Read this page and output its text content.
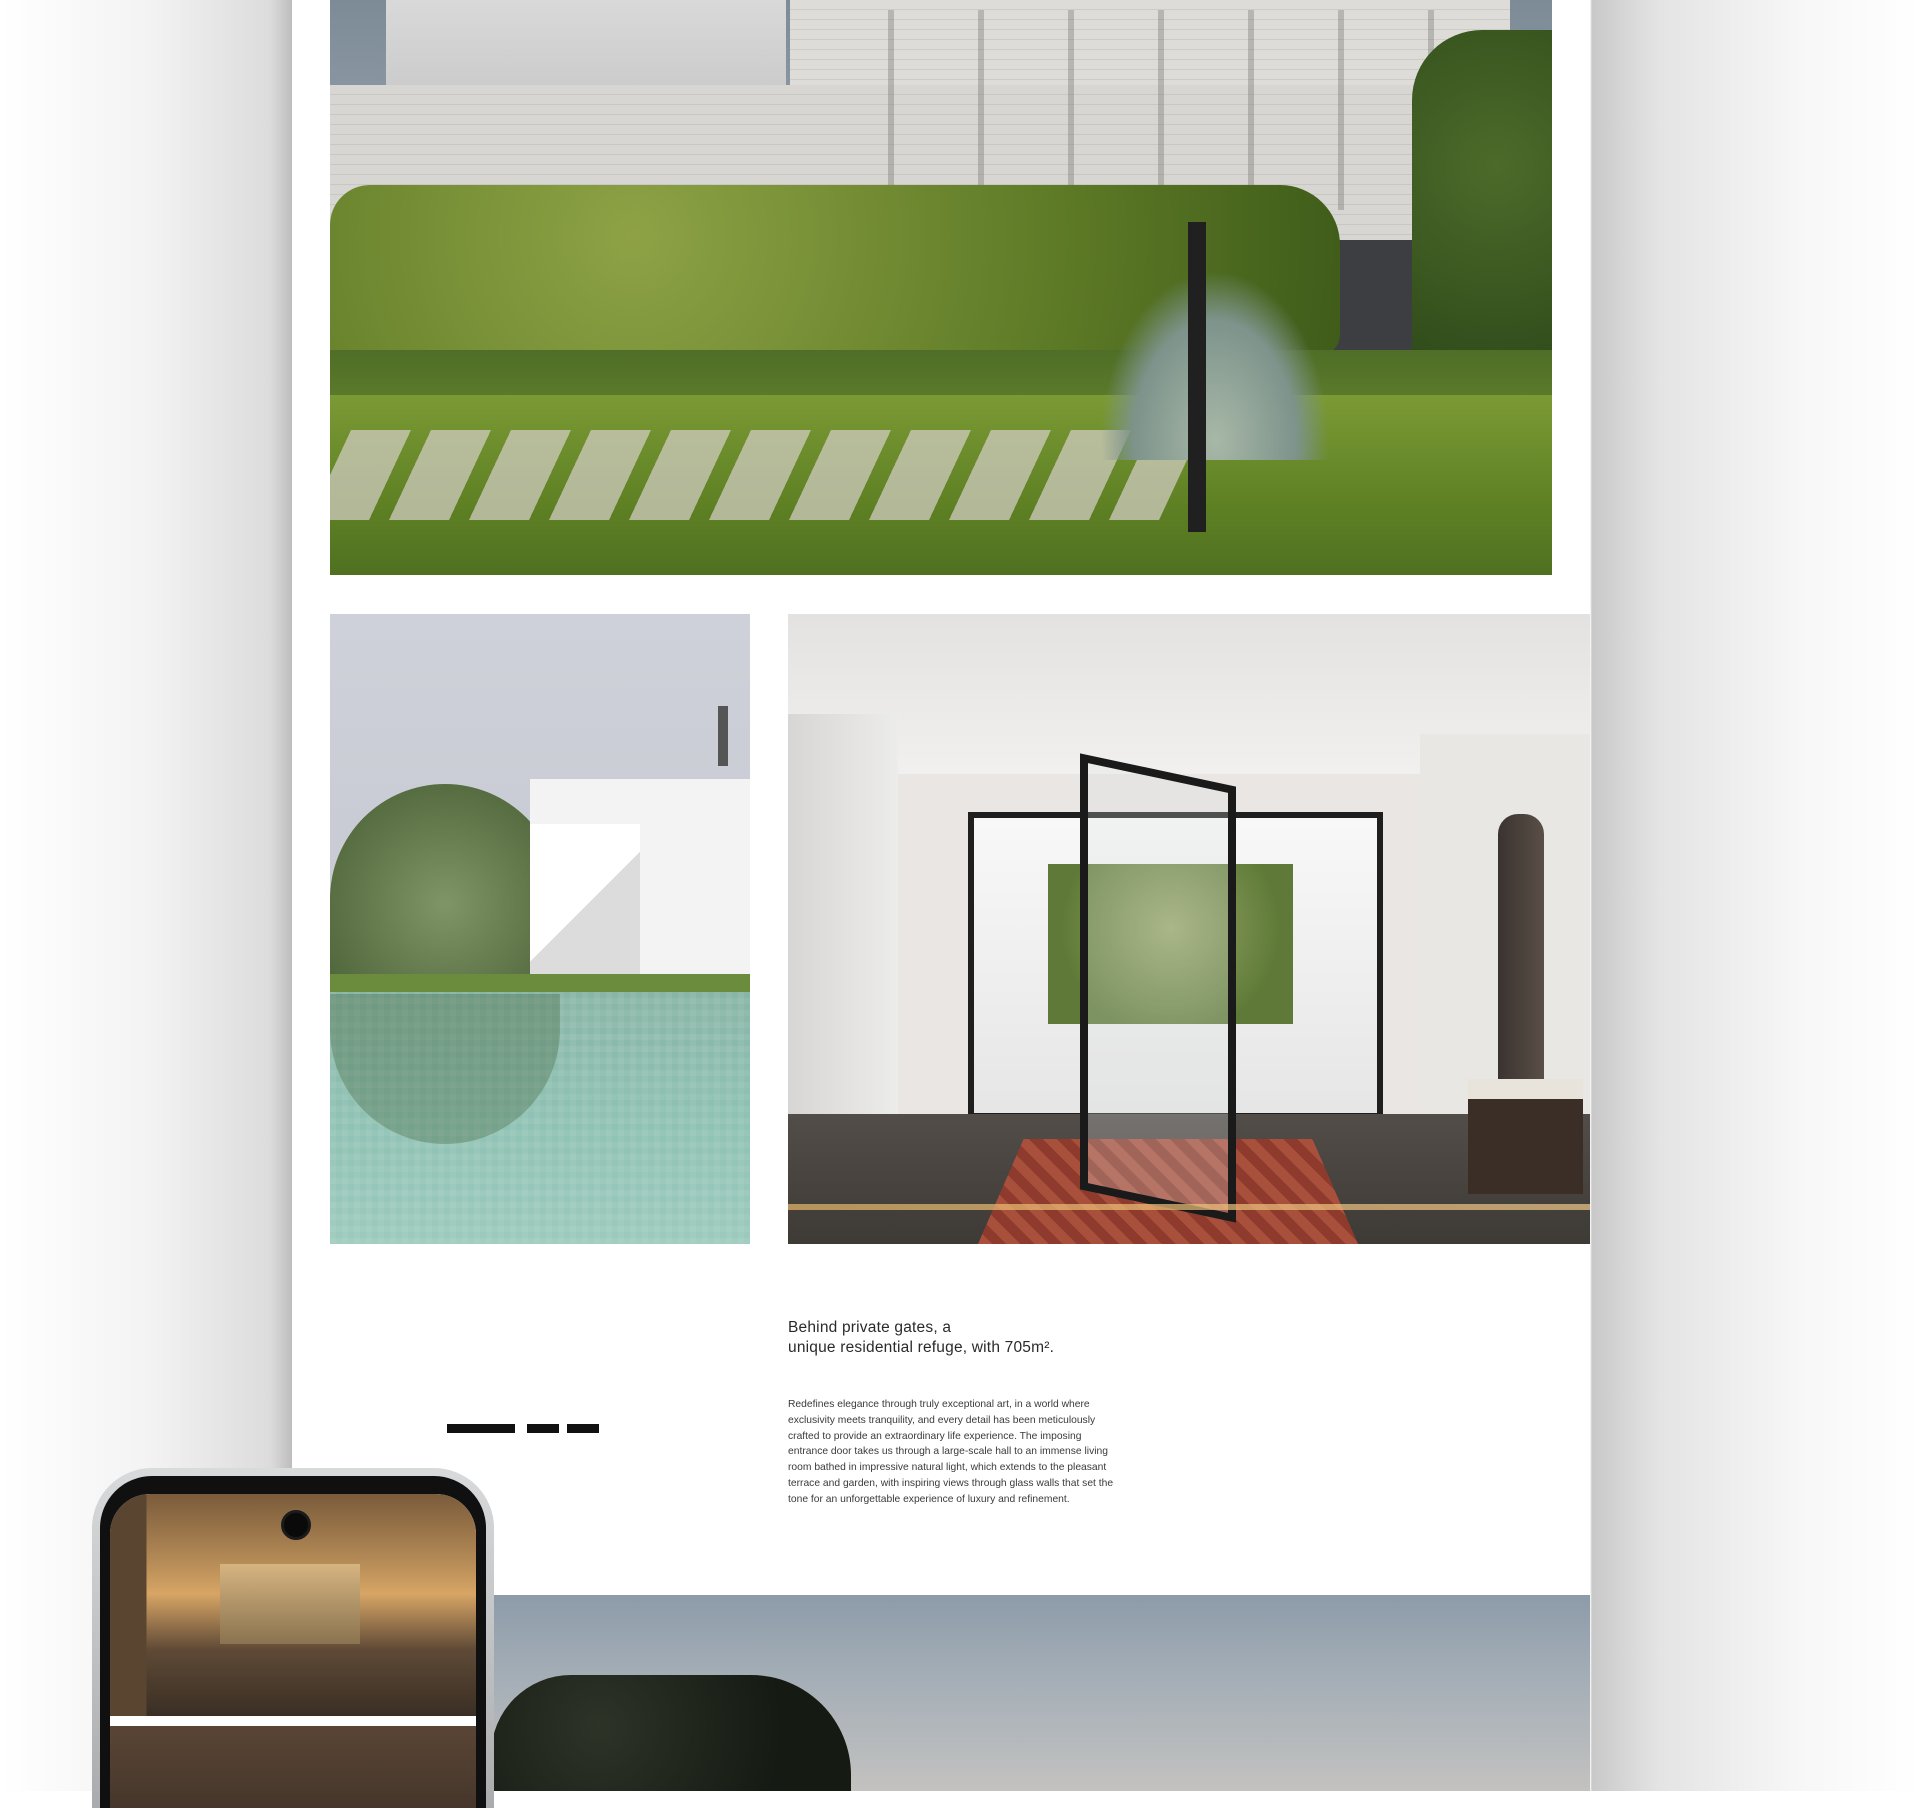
Behind private gates, a
unique residential refuge, with 705m².

Redefines elegance through truly exceptional art, in a world where exclusivity meets tranquility, and every detail has been meticulously crafted to provide an extraordinary life experience. The imposing entrance door takes us through a large-scale hall to an immense living room bathed in impressive natural light, which extends to the pleasant terrace and garden, with inspiring views through glass walls that set the tone for an unforgettable experience of luxury and refinement.
